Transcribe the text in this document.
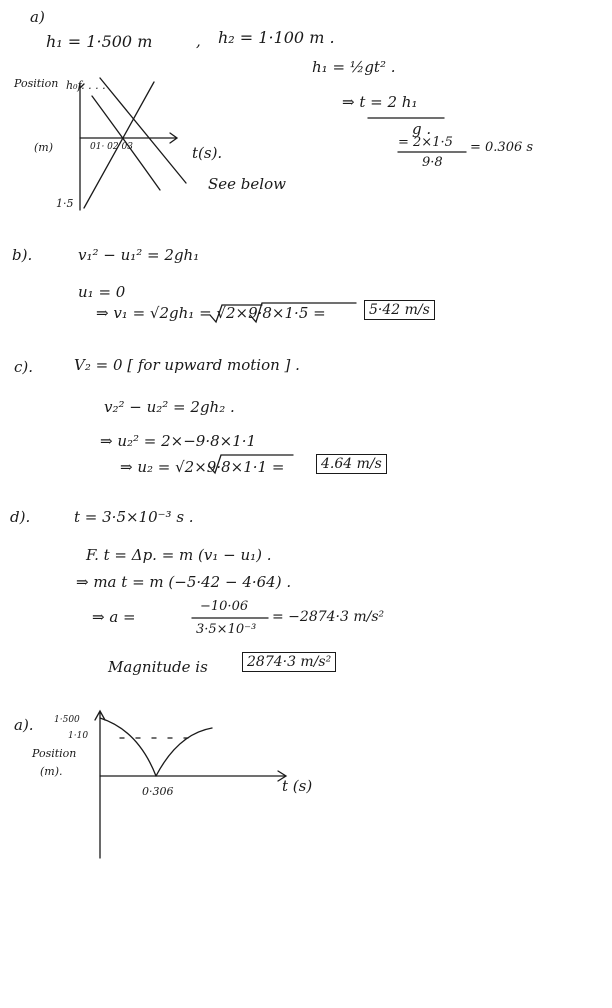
a)
h₁ = 1·500 m	, h₂ = 1·100 m .
h₁ = ½gt² .
⇒ t = 2 h₁
g .
= 2×1·5
9·8
= 0.306 s
Position h₀f. . . .
(m)	01· 02 03	t(s).
1·5
See below
b).	v₁² − u₁² = 2gh₁
u₁ = 0
⇒ v₁ = √2gh₁ = √2×9·8×1·5 =	5·42 m/s
c).	V₂ = 0 [ for upward motion ] .
v₂² − u₂² = 2gh₂ .
⇒ u₂² = 2×−9·8×1·1
⇒ u₂ = √2×9·8×1·1 =	4.64 m/s
d).	t = 3·5×10⁻³ s .
F. t = Δp. = m (v₁ − u₁) .
⇒ ma t = m (−5·42 − 4·64) .
⇒ a =
−10·06
3·5×10⁻³
= −2874·3 m/s²
Magnitude is	2874·3 m/s²
a). 1·500
1·10
Position
(m).
0·306	t (s)
